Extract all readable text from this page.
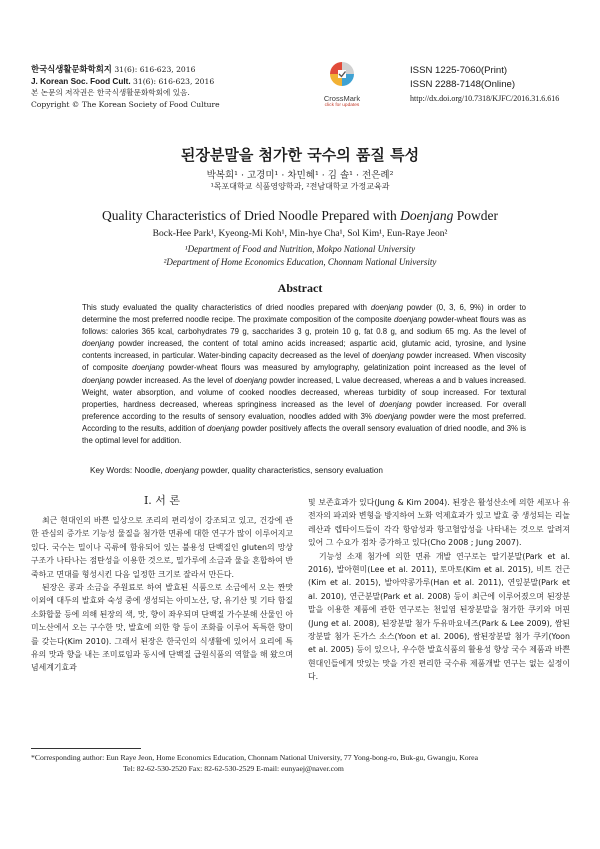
한국식생활문화학회지 31(6): 616-623, 2016
J. Korean Soc. Food Cult. 31(6): 616-623, 2016
본 논문의 저작권은 한국식생활문화학회에 있음.
Copyright © The Korean Society of Food Culture
CrossMark
click for updates
ISSN 1225-7060(Print)
ISSN 2288-7148(Online)
http://dx.doi.org/10.7318/KJFC/2016.31.6.616
된장분말을 첨가한 국수의 품질 특성
박복희¹ · 고경미¹ · 차민혜¹ · 김 솔¹ · 전은례²
¹목포대학교 식품영양학과, ²전남대학교 가정교육과
Quality Characteristics of Dried Noodle Prepared with Doenjang Powder
Bock-Hee Park¹, Kyeong-Mi Koh¹, Min-hye Cha¹, Sol Kim¹, Eun-Raye Jeon²
¹Department of Food and Nutrition, Mokpo National University
²Department of Home Economics Education, Chonnam National University
Abstract
This study evaluated the quality characteristics of dried noodles prepared with doenjang powder (0, 3, 6, 9%) in order to determine the most preferred noodle recipe. The proximate composition of the composite doenjang powder-wheat flours was as follows: calories 365 kcal, carbohydrates 79 g, saccharides 3 g, protein 10 g, fat 0.8 g, and sodium 65 mg. As the level of doenjang powder increased, the content of total amino acids increased; aspartic acid, glutamic acid, tyrosine, and lysine contents increased, in particular. Water-binding capacity decreased as the level of doenjang powder increased. When viscosity of composite doenjang powder-wheat flours was measured by amylography, gelatinization point increased as the level of doenjang powder increased. As the level of doenjang powder increased, L value decreased, whereas a and b values increased. Weight, water absorption, and volume of cooked noodles decreased, whereas turbidity of soup increased. For textural properties, hardness decreased, whereas springiness increased as the level of doenjang powder increased. For overall preference according to the results of sensory evaluation, noodles added with 3% doenjang powder were the most preferred. According to the results, addition of doenjang powder positively affects the overall sensory evaluation of dried noodle, and 3% is the optimal level for addition.
Key Words: Noodle, doenjang powder, quality characteristics, sensory evaluation
Ⅰ. 서 론

최근 현대인의 바쁜 일상으로 조리의 편리성이 강조되고 있고, 건강에 관한 관심의 증가로 기능성 물질을 첨가한 면류에 대한 연구가 많이 이루어지고 있다. 국수는 밀이나 곡류에 함유되어 있는 불용성 단백질인 gluten의 망상구조가 나타나는 점탄성을 이용한 것으로, 밀가루에 소금과 물을 혼합하여 반죽하고 면대를 형성시킨 다음 일정한 크기로 잘라서 만든다.

된장은 콩과 소금을 주원료로 하여 발효된 식품으로 소금에서 오는 짠맛 이외에 대두의 발효와 숙성 중에 생성되는 아미노산, 당, 유기산 및 기타 함질소화합물 등에 의해 된장의 색, 맛, 향이 좌우되며 단백질 가수분해 산물인 아미노산에서 오는 구수한 맛, 발효에 의한 향 등이 조화를 이루어 독특한 향미를 갖는다(Kim 2010). 그래서 된장은 한국인의 식생활에 있어서 요리에 특유의 맛과 향을 내는 조미료임과 동시에 단백질 급원식품의 역할을 해 왔으며 념세계기효과

및 보존효과가 있다(Jung & Kim 2004). 된장은 활성산소에 의한 세포나 유전자의 파괴와 변형을 방지하여 노화 억제효과가 있고 발효 중 생성되는 리놀레산과 렙타이드들이 각각 항암성과 항고혈압성을 나타내는 것으로 알려져 있어 그 수요가 점차 증가하고 있다(Cho 2008 ; Jung 2007).

기능성 소재 첨가에 의한 면류 개발 연구로는 딸기분말(Park et al. 2016), 발아현미(Lee et al. 2011), 토마토(Kim et al. 2015), 비트 건근(Kim et al. 2015), 발아약콩가루(Han et al. 2011), 연잎분말(Park et al. 2010), 연근분말(Park et al. 2008) 등이 최근에 이루어졌으며 된장분말을 이용한 제품에 관한 연구로는 천일염 된장분말을 첨가한 쿠키와 머핀(Jung et al. 2008), 된장분말 첨가 두유마요네즈(Park & Lee 2009), 쌈된장분말 첨가 돈가스 소스(Yoon et al. 2006), 쌈된장분말 첨가 쿠키(Yoon et al. 2005) 등이 있으나, 우수한 발효식품의 활용성 향상 국수 제품과 바쁜 현대인들에게 맛있는 맛을 가진 편리한 국수류 제품개발 연구는 없는 실정이다.

*Corresponding author: Eun Raye Jeon, Home Economics Education, Chonnam National University, 77 Yong-bong-ro, Buk-gu, Gwangju, Korea
Tel: 82-62-530-2520 Fax: 82-62-530-2529 E-mail: eunyaej@naver.com
